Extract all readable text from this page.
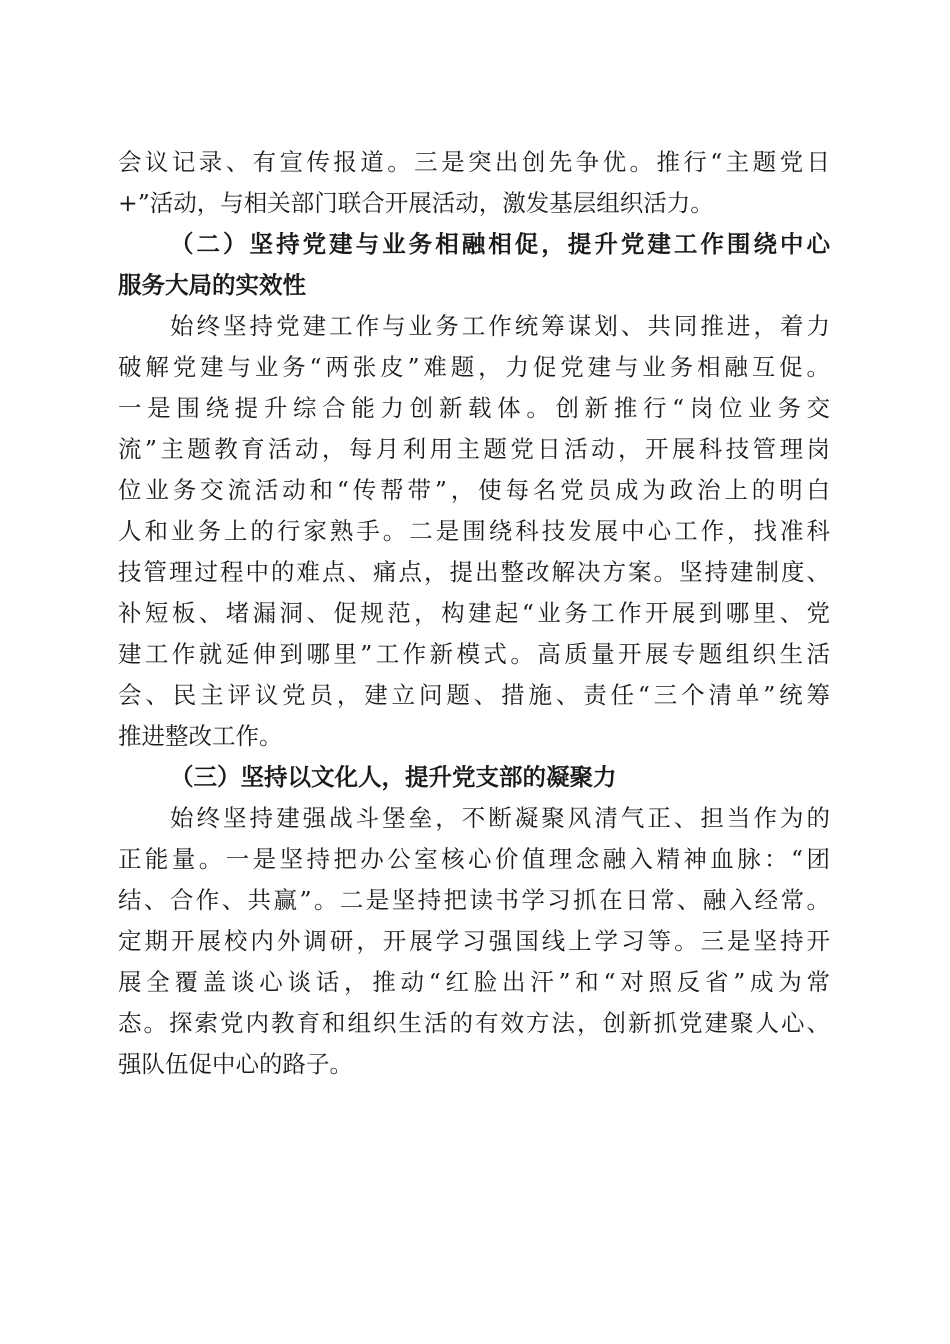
会议记录、有宣传报道。三是突出创先争优。推行“主题党日
+”活动，与相关部门联合开展活动，激发基层组织活力。
（二）坚持党建与业务相融相促，提升党建工作围绕中心
服务大局的实效性
始终坚持党建工作与业务工作统筹谋划、共同推进，着力
破解党建与业务“两张皮”难题，力促党建与业务相融互促。
一是围绕提升综合能力创新载体。创新推行“岗位业务交
流”主题教育活动，每月利用主题党日活动，开展科技管理岗
位业务交流活动和“传帮带”，使每名党员成为政治上的明白
人和业务上的行家熟手。二是围绕科技发展中心工作，找准科
技管理过程中的难点、痛点，提出整改解决方案。坚持建制度、
补短板、堵漏洞、促规范，构建起“业务工作开展到哪里、党
建工作就延伸到哪里”工作新模式。高质量开展专题组织生活
会、民主评议党员，建立问题、措施、责任“三个清单”统筹
推进整改工作。
（三）坚持以文化人，提升党支部的凝聚力
始终坚持建强战斗堡垒，不断凝聚风清气正、担当作为的
正能量。一是坚持把办公室核心价值理念融入精神血脉：“团
结、合作、共赢”。二是坚持把读书学习抓在日常、融入经常。
定期开展校内外调研，开展学习强国线上学习等。三是坚持开
展全覆盖谈心谈话，推动“红脸出汗”和“对照反省”成为常
态。探索党内教育和组织生活的有效方法，创新抓党建聚人心、
强队伍促中心的路子。
